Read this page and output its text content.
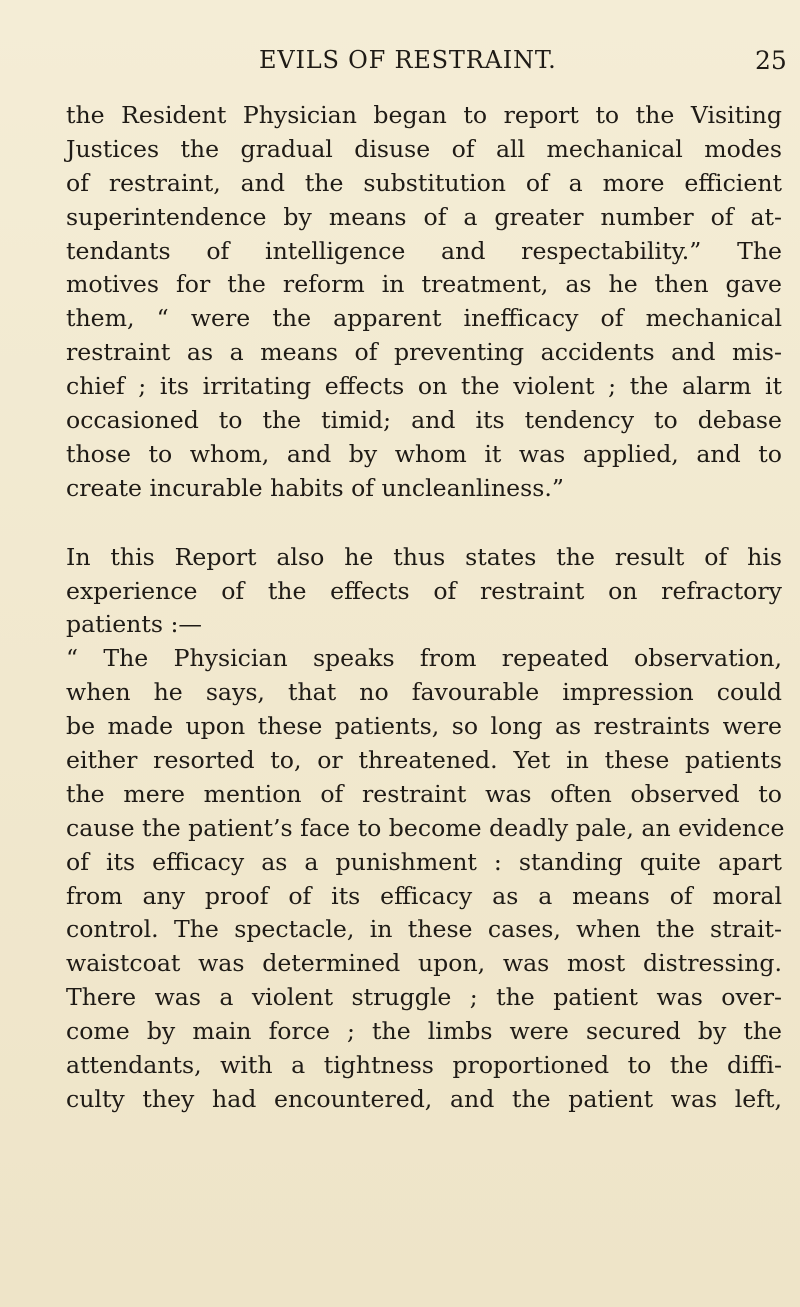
EVILS OF RESTRAINT.	25
the Resident Physician began to report to the Visiting
Justices the gradual disuse of all mechanical modes
of restraint, and the substitution of a more efficient
superintendence by means of a greater number of at-
tendants of intelligence and respectability.” The
motives for the reform in treatment, as he then gave
them, “ were the apparent inefficacy of mechanical
restraint as a means of preventing accidents and mis-
chief ; its irritating effects on the violent ; the alarm it
occasioned to the timid; and its tendency to debase
those to whom, and by whom it was applied, and to
create incurable habits of uncleanliness.”
In this Report also he thus states the result of his
experience of the effects of restraint on refractory
patients :—
“ The Physician speaks from repeated observation,
when he says, that no favourable impression could
be made upon these patients, so long as restraints were
either resorted to, or threatened. Yet in these patients
the mere mention of restraint was often observed to
cause the patient’s face to become deadly pale, an evidence
of its efficacy as a punishment : standing quite apart
from any proof of its efficacy as a means of moral
control. The spectacle, in these cases, when the strait-
waistcoat was determined upon, was most distressing.
There was a violent struggle ; the patient was over-
come by main force ; the limbs were secured by the
attendants, with a tightness proportioned to the diffi-
culty they had encountered, and the patient was left,
